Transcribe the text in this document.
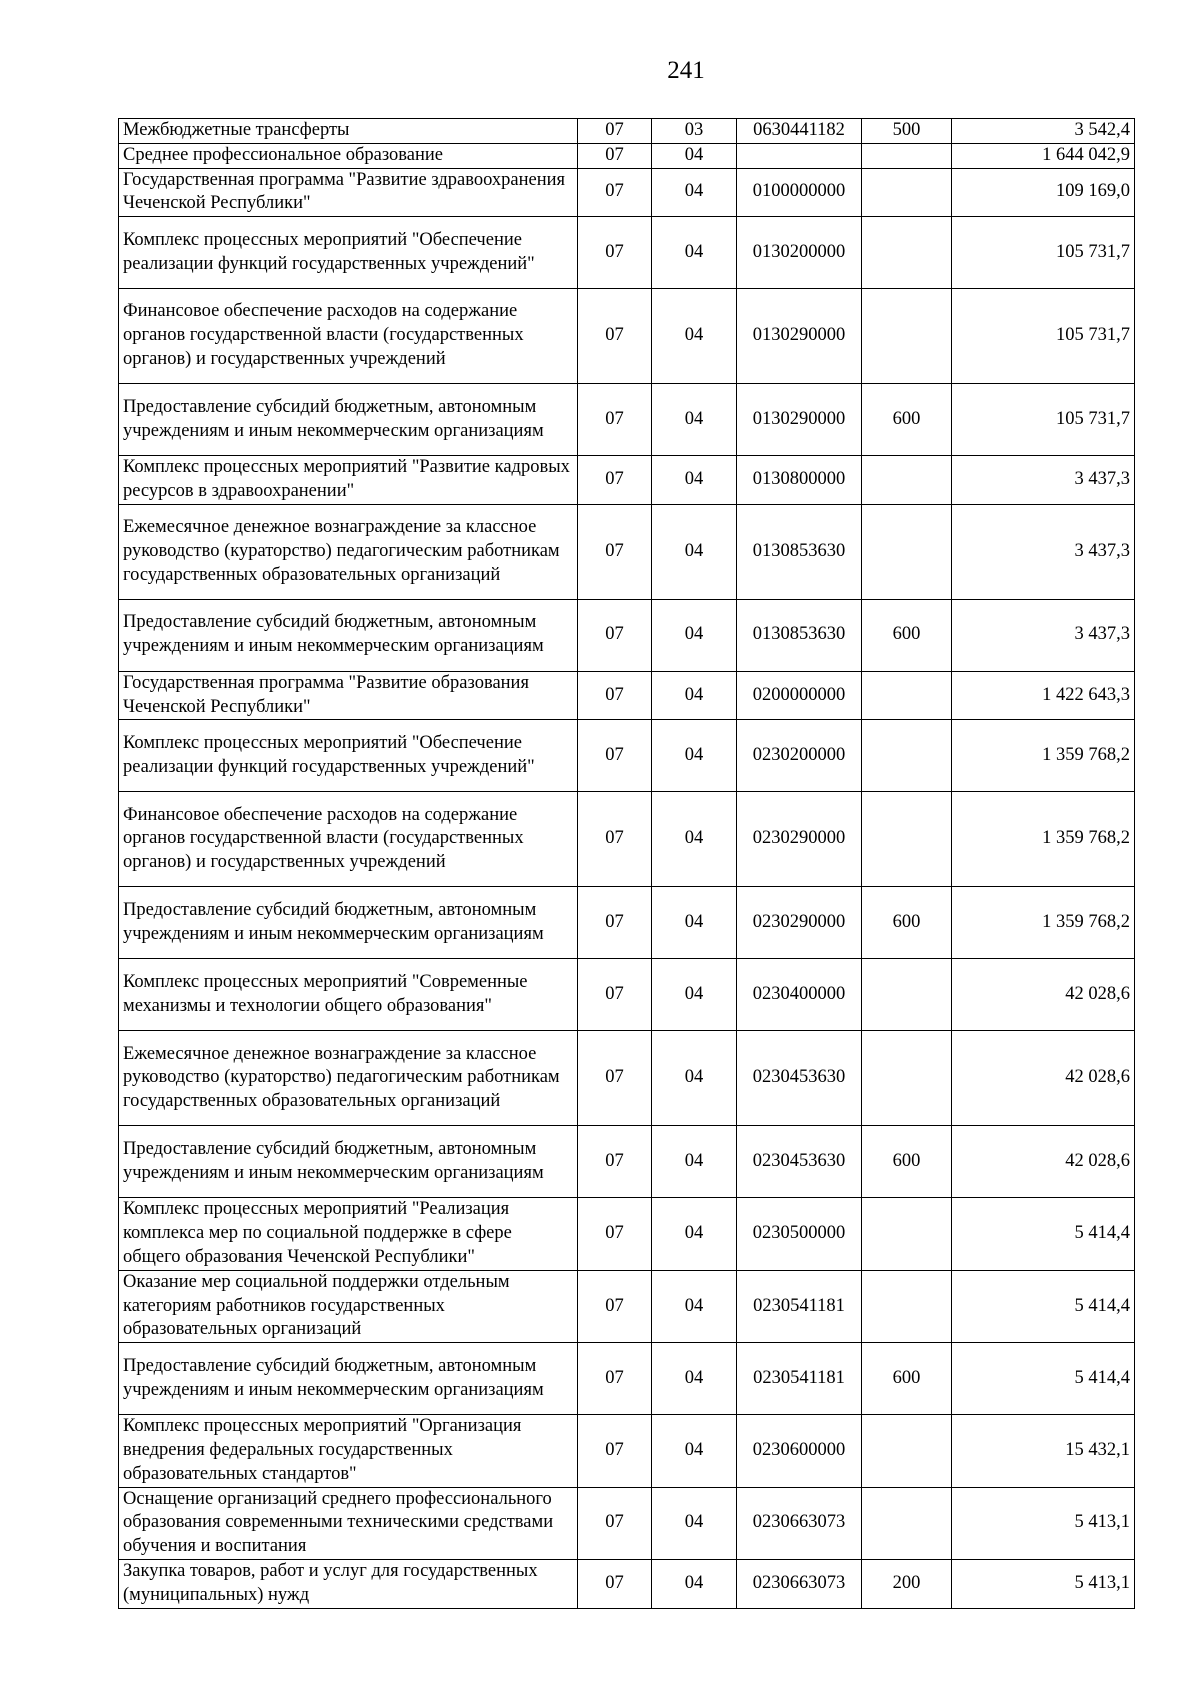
241
Межбюджетные трансферты	07	03	0630441182	500	3 542,4
Среднее профессиональное образование	07	04			1 644 042,9
Государственная программа "Развитие здравоохранения Чеченской Республики"	07	04	0100000000		109 169,0
Комплекс процессных мероприятий "Обеспечение реализации функций государственных учреждений"	07	04	0130200000		105 731,7
Финансовое обеспечение расходов на содержание органов государственной власти (государственных органов) и государственных учреждений	07	04	0130290000		105 731,7
Предоставление субсидий бюджетным, автономным учреждениям и иным некоммерческим организациям	07	04	0130290000	600	105 731,7
Комплекс процессных мероприятий "Развитие кадровых ресурсов в здравоохранении"	07	04	0130800000		3 437,3
Ежемесячное денежное вознаграждение за классное руководство (кураторство) педагогическим работникам государственных образовательных организаций	07	04	0130853630		3 437,3
Предоставление субсидий бюджетным, автономным учреждениям и иным некоммерческим организациям	07	04	0130853630	600	3 437,3
Государственная программа "Развитие образования Чеченской Республики"	07	04	0200000000		1 422 643,3
Комплекс процессных мероприятий "Обеспечение реализации функций государственных учреждений"	07	04	0230200000		1 359 768,2
Финансовое обеспечение расходов на содержание органов государственной власти (государственных органов) и государственных учреждений	07	04	0230290000		1 359 768,2
Предоставление субсидий бюджетным, автономным учреждениям и иным некоммерческим организациям	07	04	0230290000	600	1 359 768,2
Комплекс процессных мероприятий "Современные механизмы и технологии общего образования"	07	04	0230400000		42 028,6
Ежемесячное денежное вознаграждение за классное руководство (кураторство) педагогическим работникам государственных образовательных организаций	07	04	0230453630		42 028,6
Предоставление субсидий бюджетным, автономным учреждениям и иным некоммерческим организациям	07	04	0230453630	600	42 028,6
Комплекс процессных мероприятий "Реализация комплекса мер по социальной поддержке в сфере общего образования Чеченской Республики"	07	04	0230500000		5 414,4
Оказание мер социальной поддержки отдельным категориям работников государственных образовательных организаций	07	04	0230541181		5 414,4
Предоставление субсидий бюджетным, автономным учреждениям и иным некоммерческим организациям	07	04	0230541181	600	5 414,4
Комплекс процессных мероприятий "Организация внедрения федеральных государственных образовательных стандартов"	07	04	0230600000		15 432,1
Оснащение организаций среднего профессионального образования современными техническими средствами обучения и воспитания	07	04	0230663073		5 413,1
Закупка товаров, работ и услуг для государственных (муниципальных) нужд	07	04	0230663073	200	5 413,1
